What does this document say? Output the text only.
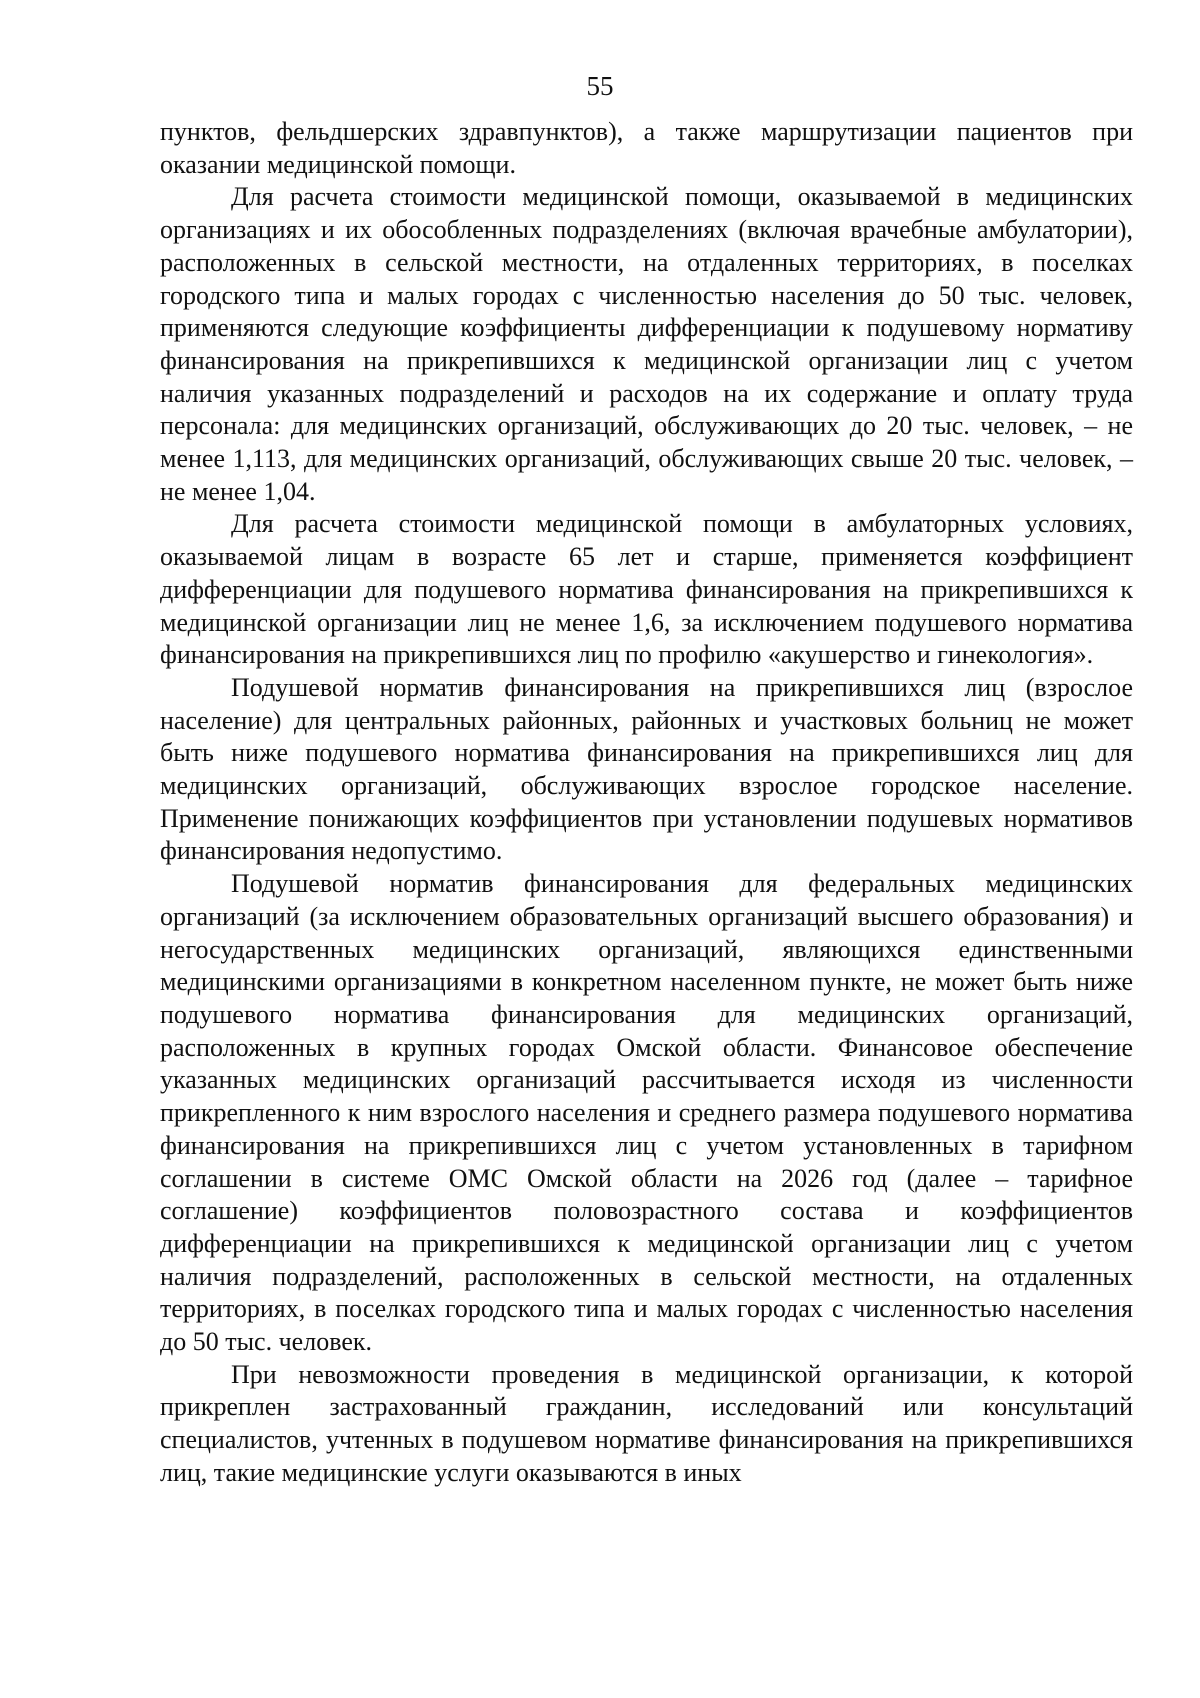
55

пунктов, фельдшерских здравпунктов), а также маршрутизации пациентов при оказании медицинской помощи.

Для расчета стоимости медицинской помощи, оказываемой в медицинских организациях и их обособленных подразделениях (включая врачебные амбулатории), расположенных в сельской местности, на отдаленных территориях, в поселках городского типа и малых городах с численностью населения до 50 тыс. человек, применяются следующие коэффициенты дифференциации к подушевому нормативу финансирования на прикрепившихся к медицинской организации лиц с учетом наличия указанных подразделений и расходов на их содержание и оплату труда персонала: для медицинских организаций, обслуживающих до 20 тыс. человек, – не менее 1,113, для медицинских организаций, обслуживающих свыше 20 тыс. человек, – не менее 1,04.

Для расчета стоимости медицинской помощи в амбулаторных условиях, оказываемой лицам в возрасте 65 лет и старше, применяется коэффициент дифференциации для подушевого норматива финансирования на прикрепившихся к медицинской организации лиц не менее 1,6, за исключением подушевого норматива финансирования на прикрепившихся лиц по профилю «акушерство и гинекология».

Подушевой норматив финансирования на прикрепившихся лиц (взрослое население) для центральных районных, районных и участковых больниц не может быть ниже подушевого норматива финансирования на прикрепившихся лиц для медицинских организаций, обслуживающих взрослое городское население. Применение понижающих коэффициентов при установлении подушевых нормативов финансирования недопустимо.

Подушевой норматив финансирования для федеральных медицинских организаций (за исключением образовательных организаций высшего образования) и негосударственных медицинских организаций, являющихся единственными медицинскими организациями в конкретном населенном пункте, не может быть ниже подушевого норматива финансирования для медицинских организаций, расположенных в крупных городах Омской области. Финансовое обеспечение указанных медицинских организаций рассчитывается исходя из численности прикрепленного к ним взрослого населения и среднего размера подушевого норматива финансирования на прикрепившихся лиц с учетом установленных в тарифном соглашении в системе ОМС Омской области на 2026 год (далее – тарифное соглашение) коэффициентов половозрастного состава и коэффициентов дифференциации на прикрепившихся к медицинской организации лиц с учетом наличия подразделений, расположенных в сельской местности, на отдаленных территориях, в поселках городского типа и малых городах с численностью населения до 50 тыс. человек.

При невозможности проведения в медицинской организации, к которой прикреплен застрахованный гражданин, исследований или консультаций специалистов, учтенных в подушевом нормативе финансирования на прикрепившихся лиц, такие медицинские услуги оказываются в иных
